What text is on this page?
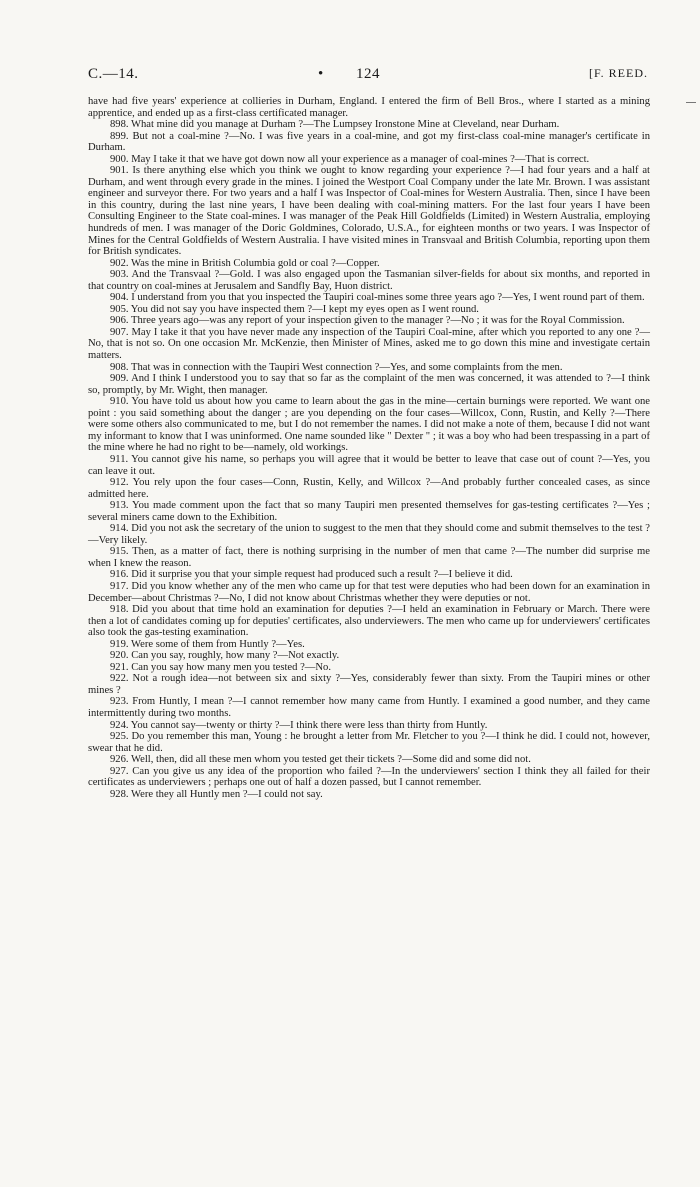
C.—14.	•	124	[F. REED.

have had five years' experience at collieries in Durham, England. I entered the firm of Bell Bros., where I started as a mining apprentice, and ended up as a first-class certificated manager.

898. What mine did you manage at Durham ?—The Lumpsey Ironstone Mine at Cleveland, near Durham.

899. But not a coal-mine ?—No. I was five years in a coal-mine, and got my first-class coal-mine manager's certificate in Durham.

900. May I take it that we have got down now all your experience as a manager of coal-mines ?—That is correct.

901. Is there anything else which you think we ought to know regarding your experience ?—I had four years and a half at Durham, and went through every grade in the mines. I joined the Westport Coal Company under the late Mr. Brown. I was assistant engineer and surveyor there. For two years and a half I was Inspector of Coal-mines for Western Australia. Then, since I have been in this country, during the last nine years, I have been dealing with coal-mining matters. For the last four years I have been Consulting Engineer to the State coal-mines. I was manager of the Peak Hill Goldfields (Limited) in Western Australia, employing hundreds of men. I was manager of the Doric Goldmines, Colorado, U.S.A., for eighteen months or two years. I was Inspector of Mines for the Central Goldfields of Western Australia. I have visited mines in Transvaal and British Columbia, reporting upon them for British syndicates.

902. Was the mine in British Columbia gold or coal ?—Copper.

903. And the Transvaal ?—Gold. I was also engaged upon the Tasmanian silver-fields for about six months, and reported in that country on coal-mines at Jerusalem and Sandfly Bay, Huon district.

904. I understand from you that you inspected the Taupiri coal-mines some three years ago ?—Yes, I went round part of them.

905. You did not say you have inspected them ?—I kept my eyes open as I went round.

906. Three years ago—was any report of your inspection given to the manager ?—No ; it was for the Royal Commission.

907. May I take it that you have never made any inspection of the Taupiri Coal-mine, after which you reported to any one ?—No, that is not so. On one occasion Mr. McKenzie, then Minister of Mines, asked me to go down this mine and investigate certain matters.

908. That was in connection with the Taupiri West connection ?—Yes, and some complaints from the men.

909. And I think I understood you to say that so far as the complaint of the men was concerned, it was attended to ?—I think so, promptly, by Mr. Wight, then manager.

910. You have told us about how you came to learn about the gas in the mine—certain burnings were reported. We want one point : you said something about the danger ; are you depending on the four cases—Willcox, Conn, Rustin, and Kelly ?—There were some others also communicated to me, but I do not remember the names. I did not make a note of them, because I did not want my informant to know that I was uninformed. One name sounded like " Dexter " ; it was a boy who had been trespassing in a part of the mine where he had no right to be—namely, old workings.

911. You cannot give his name, so perhaps you will agree that it would be better to leave that case out of count ?—Yes, you can leave it out.

912. You rely upon the four cases—Conn, Rustin, Kelly, and Willcox ?—And probably further concealed cases, as since admitted here.

913. You made comment upon the fact that so many Taupiri men presented themselves for gas-testing certificates ?—Yes ; several miners came down to the Exhibition.

914. Did you not ask the secretary of the union to suggest to the men that they should come and submit themselves to the test ?—Very likely.

915. Then, as a matter of fact, there is nothing surprising in the number of men that came ?—The number did surprise me when I knew the reason.

916. Did it surprise you that your simple request had produced such a result ?—I believe it did.

917. Did you know whether any of the men who came up for that test were deputies who had been down for an examination in December—about Christmas ?—No, I did not know about Christmas whether they were deputies or not.

918. Did you about that time hold an examination for deputies ?—I held an examination in February or March. There were then a lot of candidates coming up for deputies' certificates, also underviewers. The men who came up for underviewers' certificates also took the gas-testing examination.

919. Were some of them from Huntly ?—Yes.

920. Can you say, roughly, how many ?—Not exactly.

921. Can you say how many men you tested ?—No.

922. Not a rough idea—not between six and sixty ?—Yes, considerably fewer than sixty. From the Taupiri mines or other mines ?

923. From Huntly, I mean ?—I cannot remember how many came from Huntly. I examined a good number, and they came intermittently during two months.

924. You cannot say—twenty or thirty ?—I think there were less than thirty from Huntly.

925. Do you remember this man, Young : he brought a letter from Mr. Fletcher to you ?—I think he did. I could not, however, swear that he did.

926. Well, then, did all these men whom you tested get their tickets ?—Some did and some did not.

927. Can you give us any idea of the proportion who failed ?—In the underviewers' section I think they all failed for their certificates as underviewers ; perhaps one out of half a dozen passed, but I cannot remember.

928. Were they all Huntly men ?—I could not say.
